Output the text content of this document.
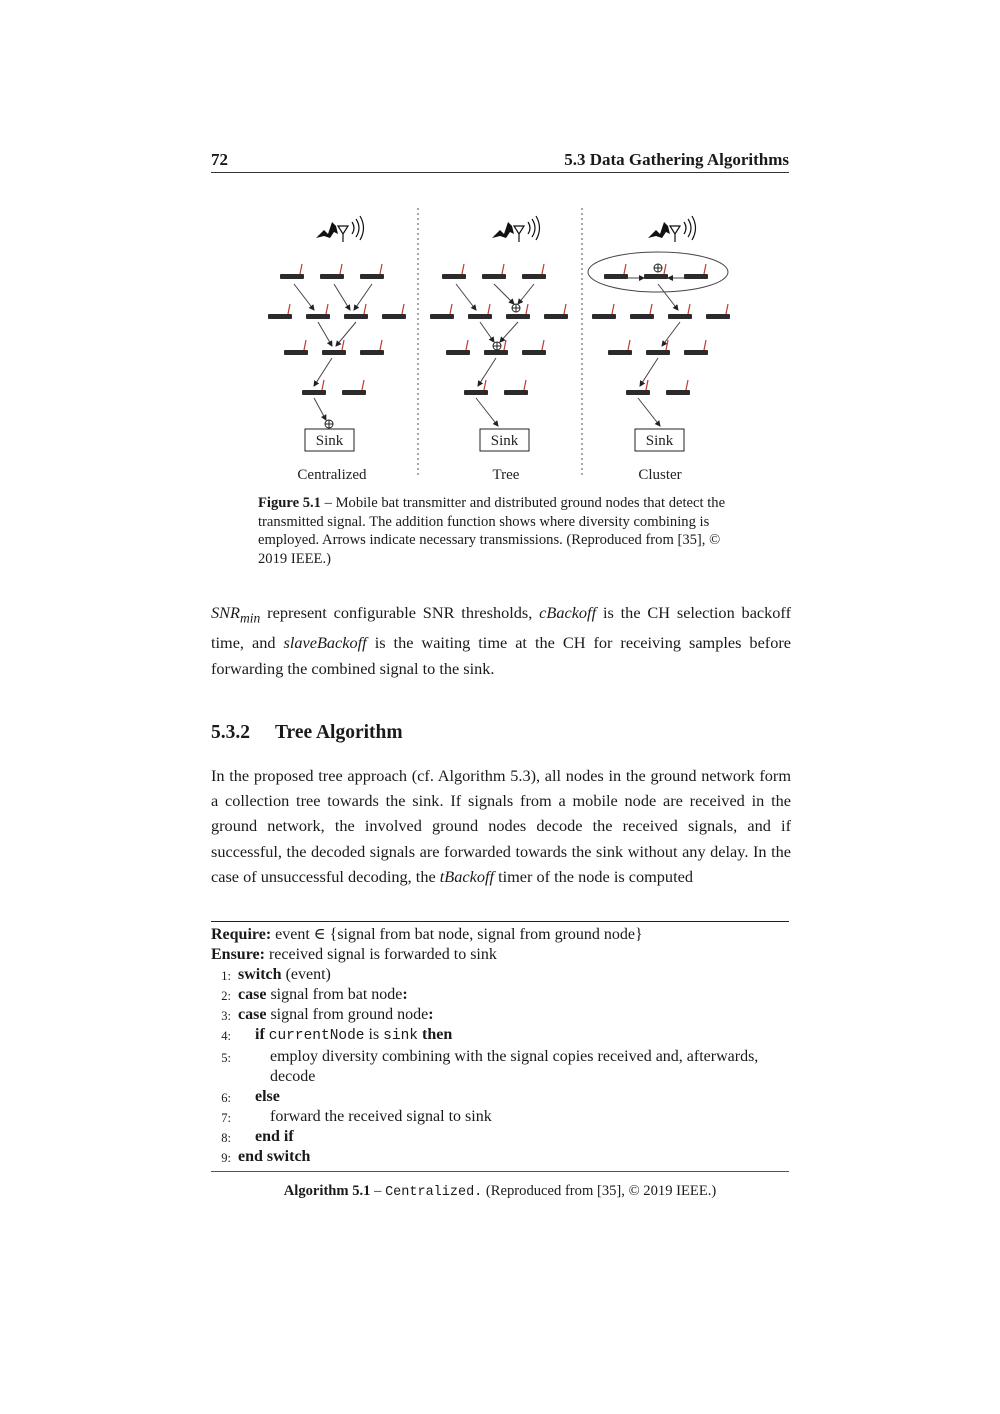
72	5.3 Data Gathering Algorithms
Sink
Centralized
Sink
Tree
Sink
Cluster
Figure 5.1 – Mobile bat transmitter and distributed ground nodes that detect the transmitted signal. The addition function shows where diversity combining is employed. Arrows indicate necessary transmissions. (Reproduced from [35], © 2019 IEEE.)
$SNR_{min}$ represent configurable SNR thresholds, cBackoff is the CH selection backoff time, and slaveBackoff is the waiting time at the CH for receiving samples before forwarding the combined signal to the sink.
5.3.2 Tree Algorithm
In the proposed tree approach (cf. Algorithm 5.3), all nodes in the ground network form a collection tree towards the sink. If signals from a mobile node are received in the ground network, the involved ground nodes decode the received signals, and if successful, the decoded signals are forwarded towards the sink without any delay. In the case of unsuccessful decoding, the tBackoff timer of the node is computed
Require: event ∈ {signal from bat node, signal from ground node}
Ensure: received signal is forwarded to sink
1: switch (event)
2: case signal from bat node:
3: case signal from ground node:
4: if currentNode is sink then
5: employ diversity combining with the signal copies received and, afterwards,
decode
6: else
7: forward the received signal to sink
8: end if
9: end switch
Algorithm 5.1 – Centralized. (Reproduced from [35], © 2019 IEEE.)
